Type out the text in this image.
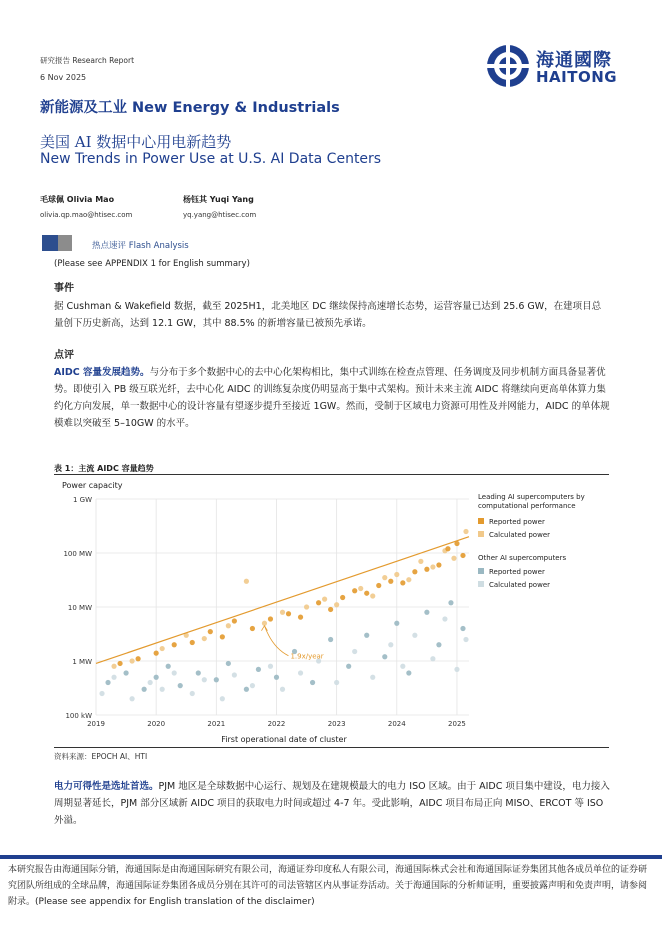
研究报告 Research Report
6 Nov 2025
海通國際
HAITONG
新能源及工业 New Energy & Industrials
美国 AI 数据中心用电新趋势
New Trends in Power Use at U.S. AI Data Centers
毛球佩 Olivia Mao
olivia.qp.mao@htisec.com
杨钰其 Yuqi Yang
yq.yang@htisec.com
热点速评 Flash Analysis
(Please see APPENDIX 1 for English summary)
事件
据 Cushman & Wakefield 数据，截至 2025H1，北美地区 DC 继续保持高速增长态势，运营容量已达到 25.6 GW，在建项目总量创下历史新高，达到 12.1 GW，其中 88.5% 的新增容量已被预先承诺。
点评
AIDC 容量发展趋势。与分布于多个数据中心的去中心化架构相比，集中式训练在检查点管理、任务调度及同步机制方面具备显著优势。即使引入 PB 级互联光纤，去中心化 AIDC 的训练复杂度仍明显高于集中式架构。预计未来主流 AIDC 将继续向更高单体算力集约化方向发展，单一数据中心的设计容量有望逐步提升至接近 1GW。然而，受制于区域电力资源可用性及并网能力，AIDC 的单体规模难以突破至 5–10GW 的水平。
表 1：主流 AIDC 容量趋势
Power capacity
First operational date of cluster
1 GW
100 MW
10 MW
1 MW
100 kW
2019	2020	2021	2022	2023	2024	2025
1.9x/year
Leading AI supercomputers by computational performance
Other AI supercomputers
Reported power
Calculated power
Reported power
Calculated power
资料来源：EPOCH AI、HTI
电力可得性是选址首选。PJM 地区是全球数据中心运行、规划及在建规模最大的电力 ISO 区域。由于 AIDC 项目集中建设，电力接入周期显著延长，PJM 部分区域新 AIDC 项目的获取电力时间或超过 4-7 年。受此影响，AIDC 项目布局正向 MISO、ERCOT 等 ISO 外溢。
本研究报告由海通国际分销，海通国际是由海通国际研究有限公司，海通证券印度私人有限公司，海通国际株式会社和海通国际证券集团其他各成员单位的证券研究团队所组成的全球品牌，海通国际证券集团各成员分别在其许可的司法管辖区内从事证券活动。关于海通国际的分析师证明，重要披露声明和免责声明，请参阅附录。(Please see appendix for English translation of the disclaimer)
